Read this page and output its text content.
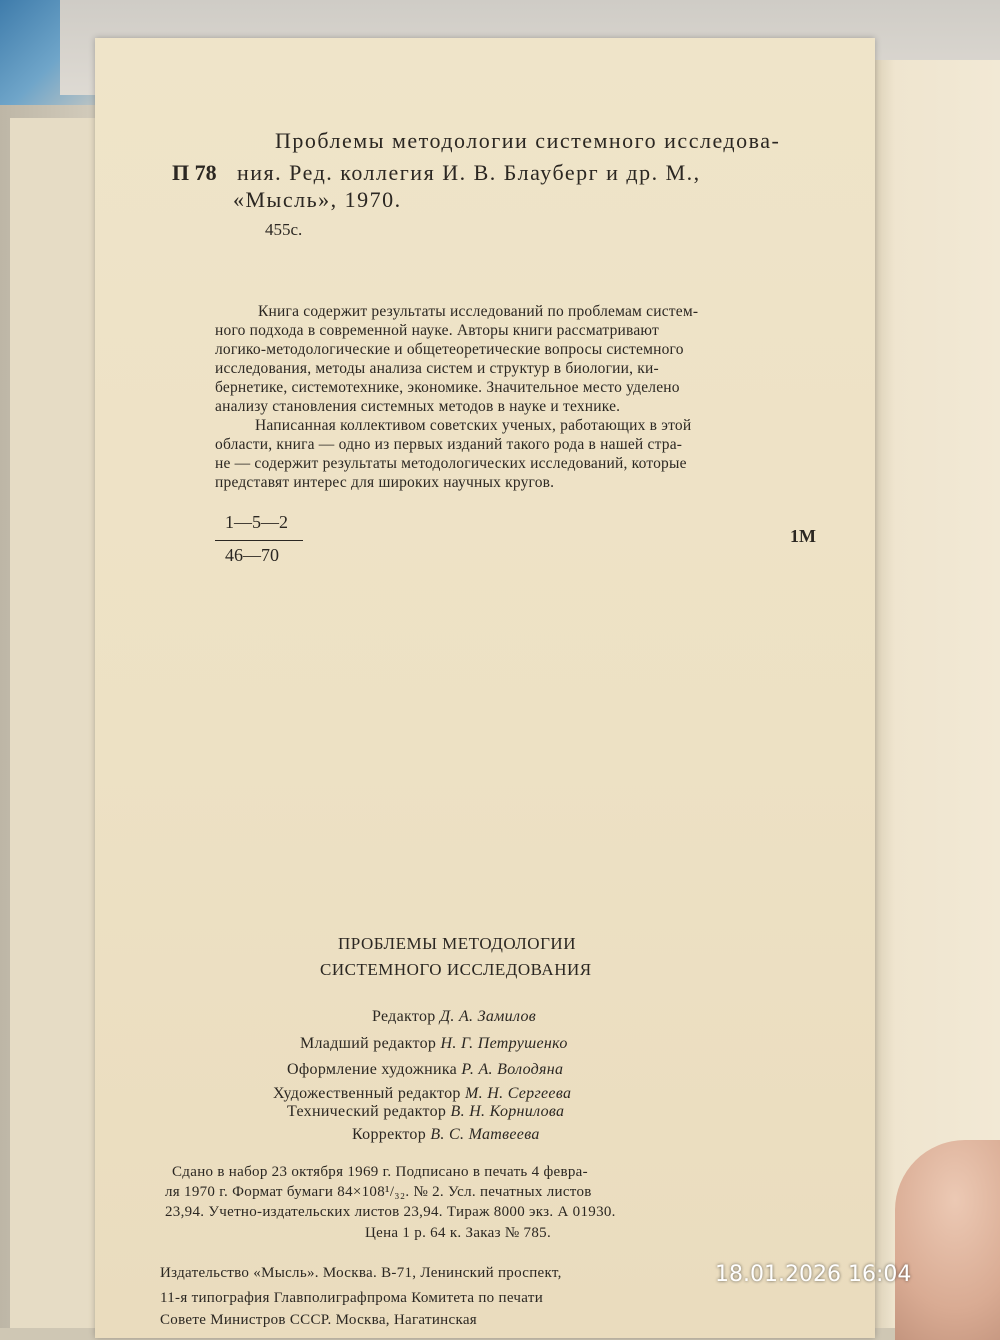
Проблемы методологии системного исследова-
П 78 ния. Ред. коллегия И. В. Блауберг и др. М.,
«Мысль», 1970.
455с.
Книга содержит результаты исследований по проблемам систем-
ного подхода в современной науке. Авторы книги рассматривают
логико-методологические и общетеоретические вопросы системного
исследования, методы анализа систем и структур в биологии, ки-
бернетике, системотехнике, экономике. Значительное место уделено
анализу становления системных методов в науке и технике.
Написанная коллективом советских ученых, работающих в этой
области, книга — одно из первых изданий такого рода в нашей стра-
не — содержит результаты методологических исследований, которые
представят интерес для широких научных кругов.
1—5—2
46—70
1М
ПРОБЛЕМЫ МЕТОДОЛОГИИ
СИСТЕМНОГО ИССЛЕДОВАНИЯ
Редактор Д. А. Замилов
Младший редактор Н. Г. Петрушенко
Оформление художника Р. А. Володяна
Художественный редактор М. Н. Сергеева
Технический редактор В. Н. Корнилова
Корректор В. С. Матвеева
Сдано в набор 23 октября 1969 г. Подписано в печать 4 февра-
ля 1970 г. Формат бумаги 84×108¹/₃₂. № 2. Усл. печатных листов
23,94. Учетно-издательских листов 23,94. Тираж 8000 экз. А 01930.
Цена 1 р. 64 к. Заказ № 785.
Издательство «Мысль». Москва. В-71, Ленинский проспект,
11-я типография Главполиграфпрома Комитета по печати
Совете Министров СССР. Москва, Нагатинская
18.01.2026 16:04
